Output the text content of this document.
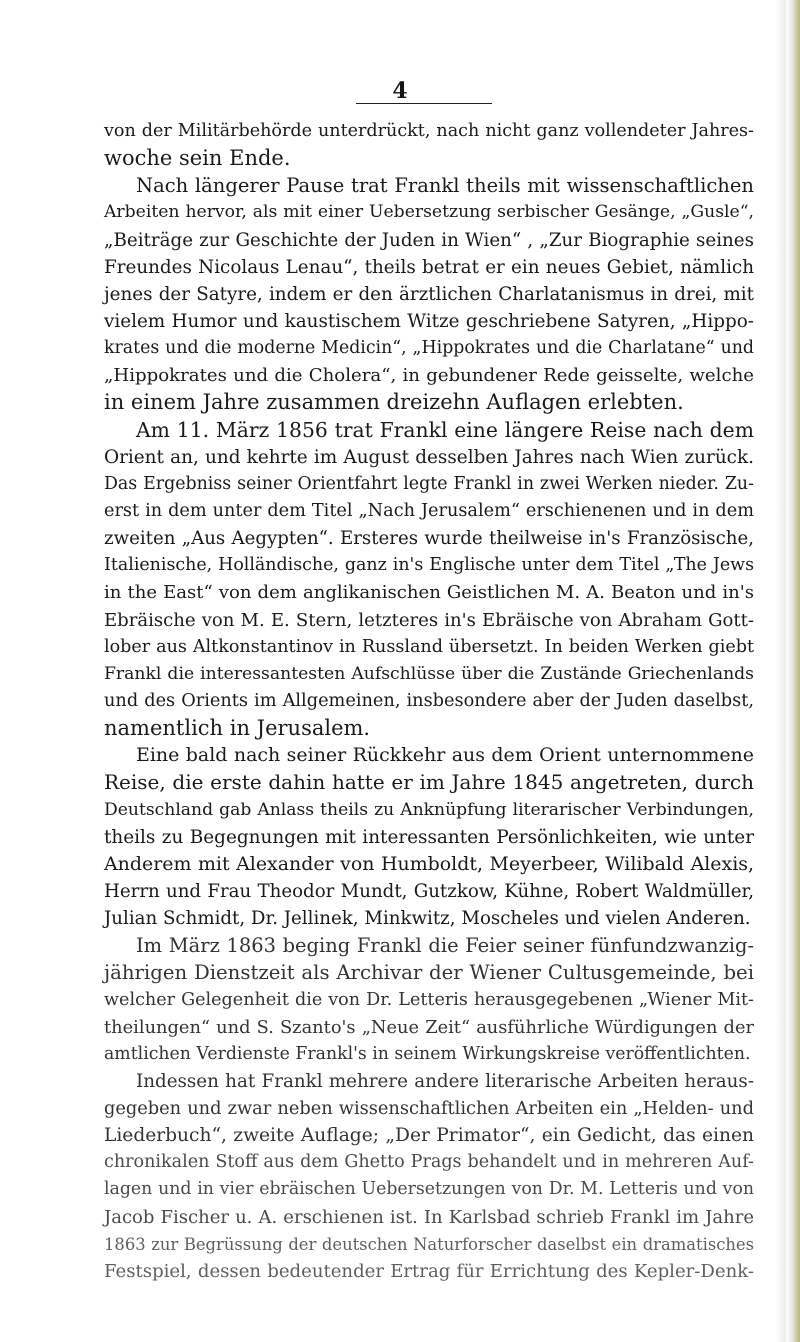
4
von der Militärbehörde unterdrückt, nach nicht ganz vollendeter Jahres-
woche sein Ende.
Nach längerer Pause trat Frankl theils mit wissenschaftlichen
Arbeiten hervor, als mit einer Uebersetzung serbischer Gesänge, „Gusle“,
„Beiträge zur Geschichte der Juden in Wien“ , „Zur Biographie seines
Freundes Nicolaus Lenau“, theils betrat er ein neues Gebiet, nämlich
jenes der Satyre, indem er den ärztlichen Charlatanismus in drei, mit
vielem Humor und kaustischem Witze geschriebene Satyren, „Hippo-
krates und die moderne Medicin“, „Hippokrates und die Charlatane“ und
„Hippokrates und die Cholera“, in gebundener Rede geisselte, welche
in einem Jahre zusammen dreizehn Auflagen erlebten.
Am 11. März 1856 trat Frankl eine längere Reise nach dem
Orient an, und kehrte im August desselben Jahres nach Wien zurück.
Das Ergebniss seiner Orientfahrt legte Frankl in zwei Werken nieder. Zu-
erst in dem unter dem Titel „Nach Jerusalem“ erschienenen und in dem
zweiten „Aus Aegypten“. Ersteres wurde theilweise in's Französische,
Italienische, Holländische, ganz in's Englische unter dem Titel „The Jews
in the East“ von dem anglikanischen Geistlichen M. A. Beaton und in's
Ebräische von M. E. Stern, letzteres in's Ebräische von Abraham Gott-
lober aus Altkonstantinov in Russland übersetzt. In beiden Werken giebt
Frankl die interessantesten Aufschlüsse über die Zustände Griechenlands
und des Orients im Allgemeinen, insbesondere aber der Juden daselbst,
namentlich in Jerusalem.
Eine bald nach seiner Rückkehr aus dem Orient unternommene
Reise, die erste dahin hatte er im Jahre 1845 angetreten, durch
Deutschland gab Anlass theils zu Anknüpfung literarischer Verbindungen,
theils zu Begegnungen mit interessanten Persönlichkeiten, wie unter
Anderem mit Alexander von Humboldt, Meyerbeer, Wilibald Alexis,
Herrn und Frau Theodor Mundt, Gutzkow, Kühne, Robert Waldmüller,
Julian Schmidt, Dr. Jellinek, Minkwitz, Moscheles und vielen Anderen.
Im März 1863 beging Frankl die Feier seiner fünfundzwanzig-
jährigen Dienstzeit als Archivar der Wiener Cultusgemeinde, bei
welcher Gelegenheit die von Dr. Letteris herausgegebenen „Wiener Mit-
theilungen“ und S. Szanto's „Neue Zeit“ ausführliche Würdigungen der
amtlichen Verdienste Frankl's in seinem Wirkungskreise veröffentlichten.
Indessen hat Frankl mehrere andere literarische Arbeiten heraus-
gegeben und zwar neben wissenschaftlichen Arbeiten ein „Helden- und
Liederbuch“, zweite Auflage; „Der Primator“, ein Gedicht, das einen
chronikalen Stoff aus dem Ghetto Prags behandelt und in mehreren Auf-
lagen und in vier ebräischen Uebersetzungen von Dr. M. Letteris und von
Jacob Fischer u. A. erschienen ist. In Karlsbad schrieb Frankl im Jahre
1863 zur Begrüssung der deutschen Naturforscher daselbst ein dramatisches
Festspiel, dessen bedeutender Ertrag für Errichtung des Kepler-Denk-
